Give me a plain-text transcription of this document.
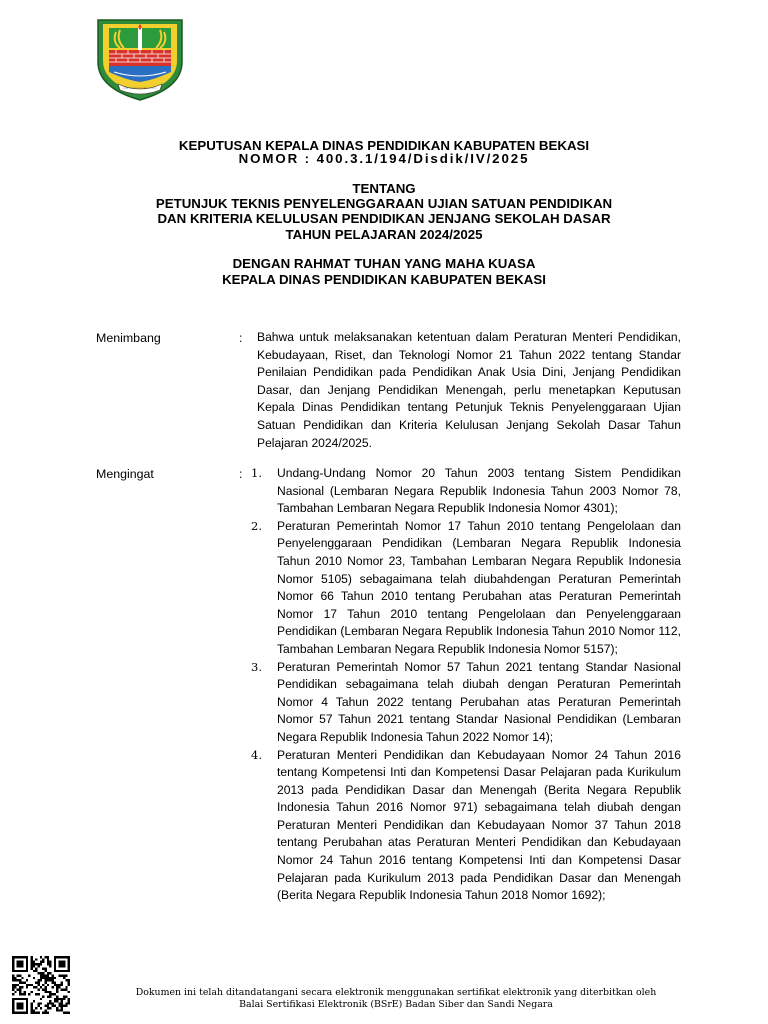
KEPUTUSAN KEPALA DINAS PENDIDIKAN KABUPATEN BEKASI
NOMOR : 400.3.1/194/Disdik/IV/2025
TENTANG
PETUNJUK TEKNIS PENYELENGGARAAN UJIAN SATUAN PENDIDIKAN
DAN KRITERIA KELULUSAN PENDIDIKAN JENJANG SEKOLAH DASAR
TAHUN PELAJARAN 2024/2025
DENGAN RAHMAT TUHAN YANG MAHA KUASA
KEPALA DINAS PENDIDIKAN KABUPATEN BEKASI
Menimbang	: Bahwa untuk melaksanakan ketentuan dalam Peraturan Menteri Pendidikan, Kebudayaan, Riset, dan Teknologi Nomor 21 Tahun 2022 tentang Standar Penilaian Pendidikan pada Pendidikan Anak Usia Dini, Jenjang Pendidikan Dasar, dan Jenjang Pendidikan Menengah, perlu menetapkan Keputusan Kepala Dinas Pendidikan tentang Petunjuk Teknis Penyelenggaraan Ujian Satuan Pendidikan dan Kriteria Kelulusan Jenjang Sekolah Dasar Tahun Pelajaran 2024/2025.
Mengingat	: 1.	Undang-Undang Nomor 20 Tahun 2003 tentang Sistem Pendidikan Nasional (Lembaran Negara Republik Indonesia Tahun 2003 Nomor 78, Tambahan Lembaran Negara Republik Indonesia Nomor 4301);
2.	Peraturan Pemerintah Nomor 17 Tahun 2010 tentang Pengelolaan dan Penyelenggaraan Pendidikan (Lembaran Negara Republik Indonesia Tahun 2010 Nomor 23, Tambahan Lembaran Negara Republik Indonesia Nomor 5105) sebagaimana telah diubahdengan Peraturan Pemerintah Nomor 66 Tahun 2010 tentang Perubahan atas Peraturan Pemerintah Nomor 17 Tahun 2010 tentang Pengelolaan dan Penyelenggaraan Pendidikan (Lembaran Negara Republik Indonesia Tahun 2010 Nomor 112, Tambahan Lembaran Negara Republik Indonesia Nomor 5157);
3.	Peraturan Pemerintah Nomor 57 Tahun 2021 tentang Standar Nasional Pendidikan sebagaimana telah diubah dengan Peraturan Pemerintah Nomor 4 Tahun 2022 tentang Perubahan atas Peraturan Pemerintah Nomor 57 Tahun 2021 tentang Standar Nasional Pendidikan (Lembaran Negara Republik Indonesia Tahun 2022 Nomor 14);
4.	Peraturan Menteri Pendidikan dan Kebudayaan Nomor 24 Tahun 2016 tentang Kompetensi Inti dan Kompetensi Dasar Pelajaran pada Kurikulum 2013 pada Pendidikan Dasar dan Menengah (Berita Negara Republik Indonesia Tahun 2016 Nomor 971) sebagaimana telah diubah dengan Peraturan Menteri Pendidikan dan Kebudayaan Nomor 37 Tahun 2018 tentang Perubahan atas Peraturan Menteri Pendidikan dan Kebudayaan Nomor 24 Tahun 2016 tentang Kompetensi Inti dan Kompetensi Dasar Pelajaran pada Kurikulum 2013 pada Pendidikan Dasar dan Menengah (Berita Negara Republik Indonesia Tahun 2018 Nomor 1692);
Dokumen ini telah ditandatangani secara elektronik menggunakan sertifikat elektronik yang diterbitkan oleh
Balai Sertifikasi Elektronik (BSrE) Badan Siber dan Sandi Negara
